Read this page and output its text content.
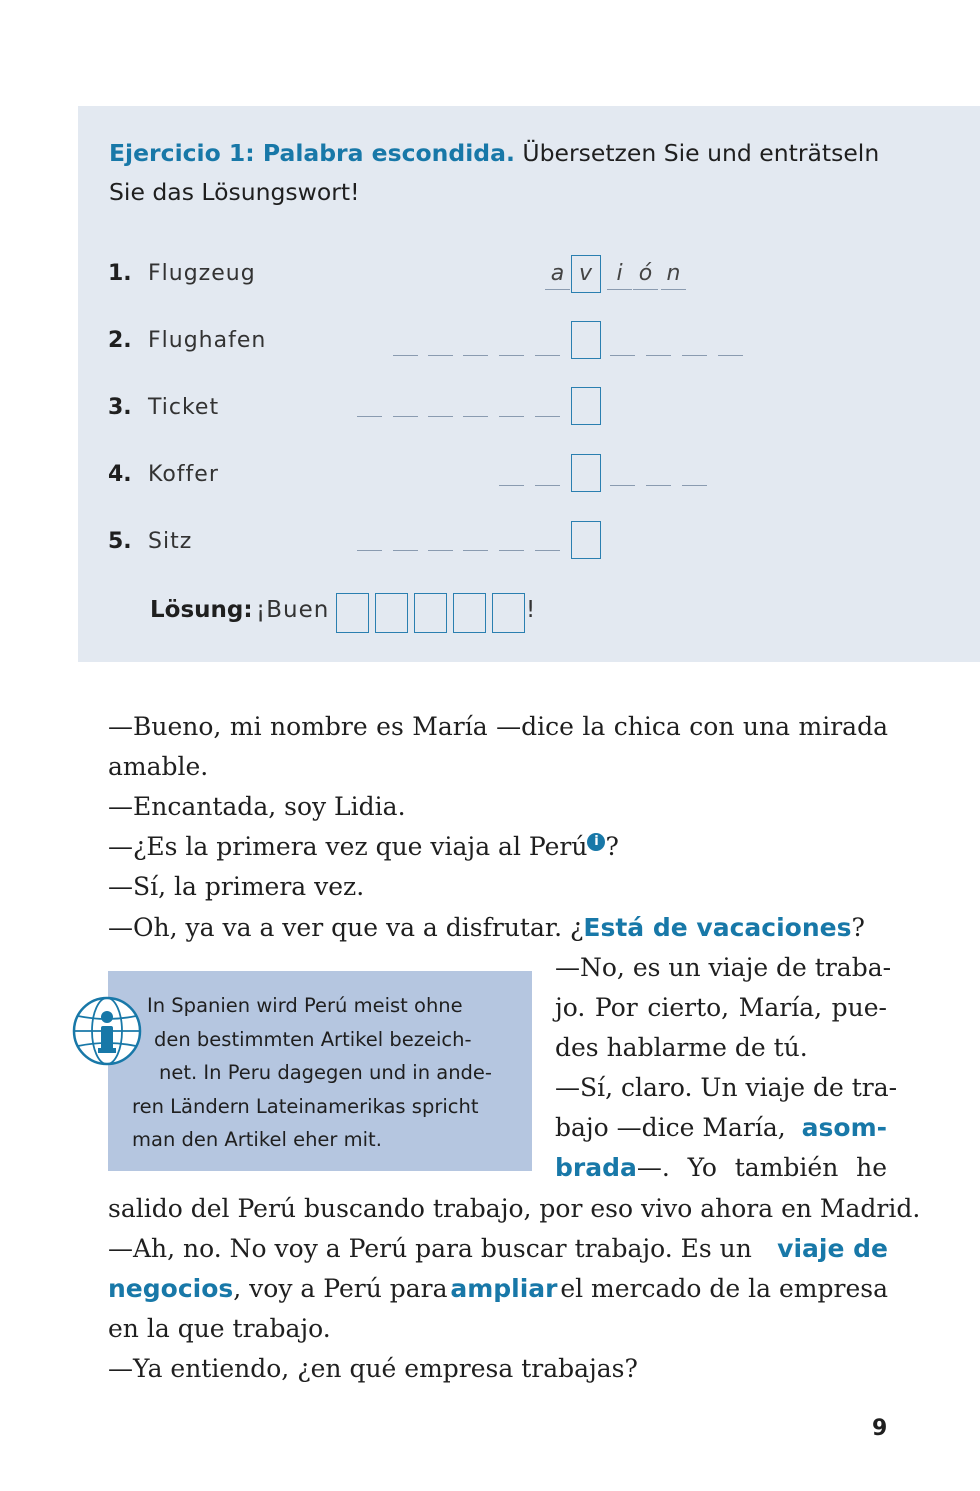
Ejercicio 1: Palabra escondida. Übersetzen Sie und enträtseln
Sie das Lösungswort!
1. Flugzeug	a v	i ó n
2. Flughafen
3. Ticket
4. Koffer
5. Sitz
Lösung: ¡Buen	!
—Bueno, mi nombre es María —dice la chica con una mirada
amable.
—Encantada, soy Lidia.
—¿Es la primera vez que viaja al Perú i ?
—Sí, la primera vez.
—Oh, ya va a ver que va a disfrutar. ¿Está de vacaciones?
—No, es un viaje de traba-
jo. Por cierto, María, pue-
des hablarme de tú.
—Sí, claro. Un viaje de tra-
bajo —dice María, asom-
brada —. Yo también he
In Spanien wird Perú meist ohne
den bestimmten Artikel bezeich-
net. In Peru dagegen und in ande-
ren Ländern Lateinamerikas spricht
man den Artikel eher mit.
salido del Perú buscando trabajo, por eso vivo ahora en Madrid.
—Ah, no. No voy a Perú para buscar trabajo. Es un viaje de
negocios, voy a Perú para ampliar el mercado de la empresa
en la que trabajo.
—Ya entiendo, ¿en qué empresa trabajas?
9
